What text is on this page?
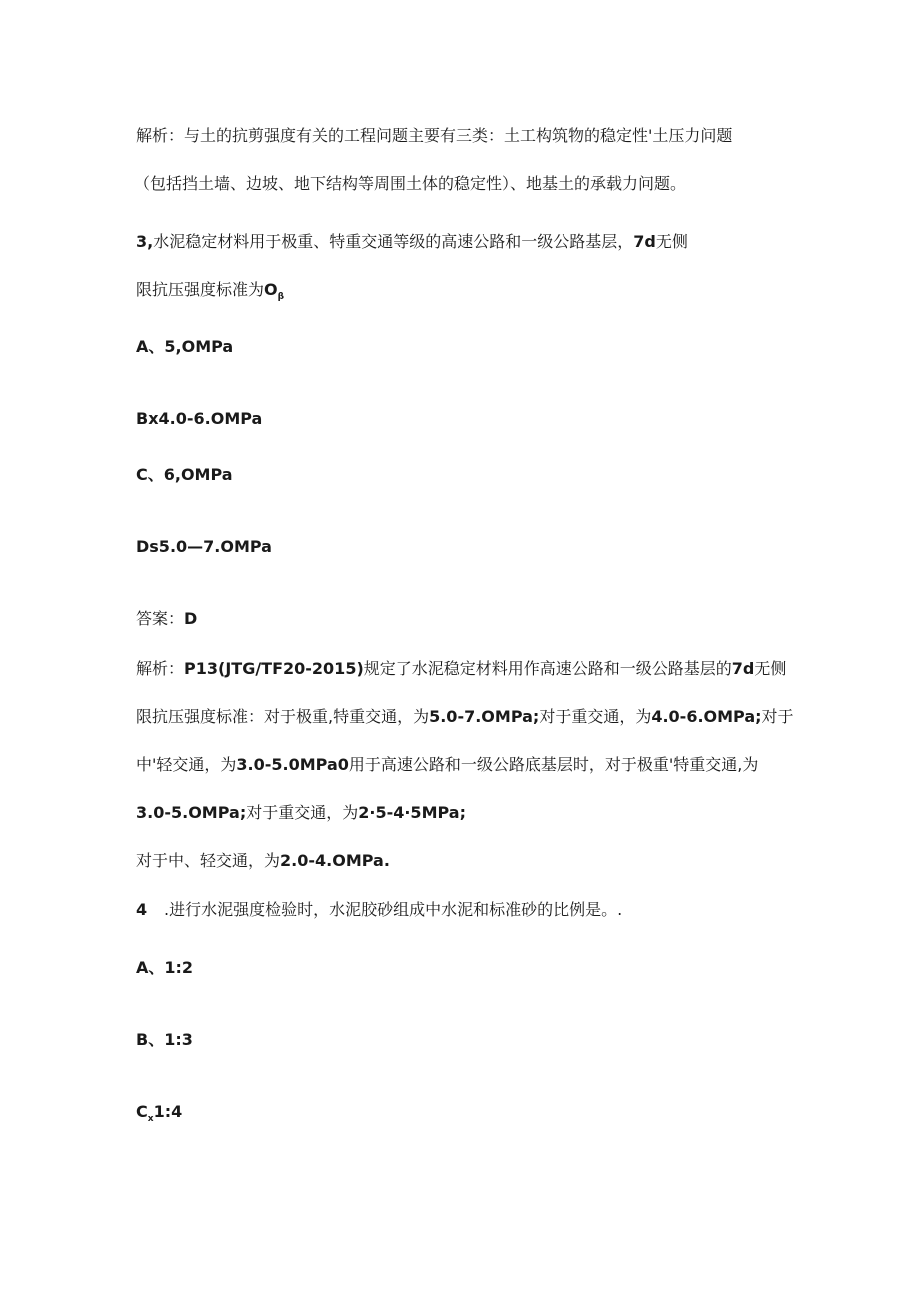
解析：与土的抗剪强度有关的工程问题主要有三类：土工构筑物的稳定性'土压力问题

（包括挡土墙、边坡、地下结构等周围土体的稳定性）、地基土的承载力问题。

3,水泥稳定材料用于极重、特重交通等级的高速公路和一级公路基层，7d无侧

限抗压强度标准为$O_\beta$

A、5,OMPa

Bx4.0-6.OMPa

C、6,OMPa

Ds5.0—7.OMPa

答案：D

解析：P13(JTG/TF20-2015)规定了水泥稳定材料用作高速公路和一级公路基层的7d无侧

限抗压强度标准：对于极重,特重交通，为5.0-7.OMPa;对于重交通，为4.0-6.OMPa;对于

中'轻交通，为3.0-5.0MPa0用于高速公路和一级公路底基层时，对于极重'特重交通,为

3.0-5.OMPa;对于重交通，为2·5-4·5MPa;

对于中、轻交通，为2.0-4.OMPa.

4 .进行水泥强度检验时，水泥胶砂组成中水泥和标准砂的比例是。.

A、1:2

B、1:3

$C_x1:4$
